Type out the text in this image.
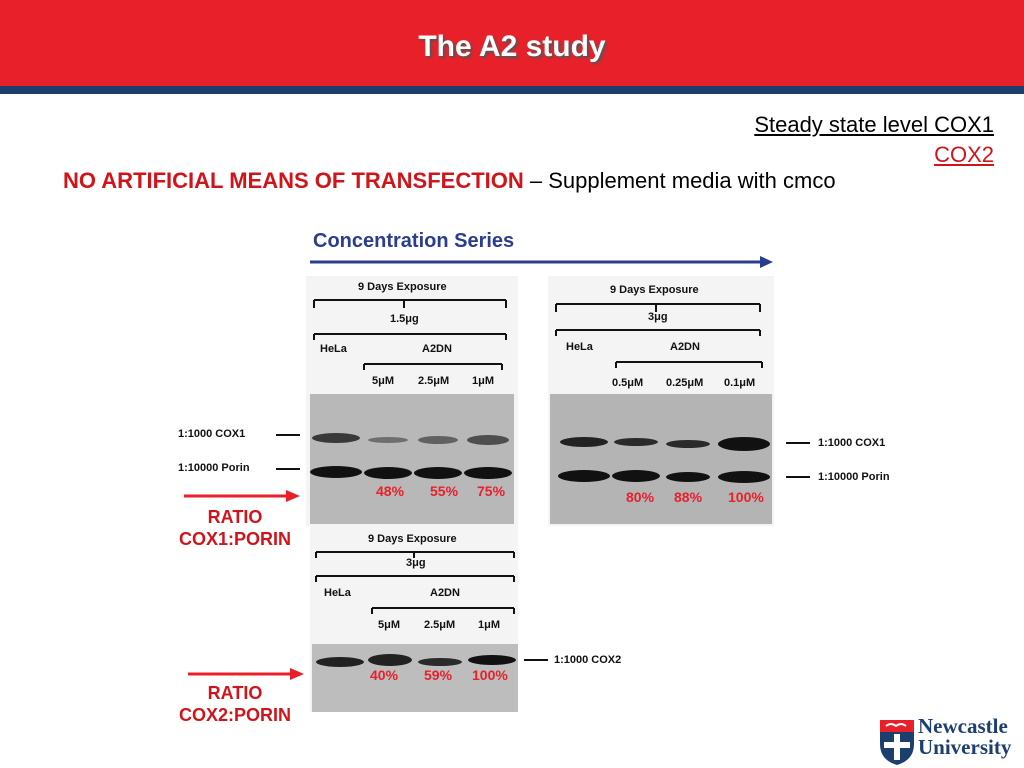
The A2 study
Steady state level COX1
COX2
NO ARTIFICIAL MEANS OF TRANSFECTION – Supplement media with cmco
Concentration Series
9 Days Exposure
1.5μg
HeLa	A2DN
5μM 2.5μM 1μM
48% 55% 75%
1:1000 COX1
1:10000 Porin
9 Days Exposure
3μg
HeLa	A2DN
0.5μM 0.25μM 0.1μM
80% 88% 100%
1:1000 COX1
1:10000 Porin
9 Days Exposure
3μg
HeLa	A2DN
5μM 2.5μM 1μM
40% 59% 100%
1:1000 COX2
RATIO
COX1:PORIN
RATIO
COX2:PORIN	Newcastle
University
